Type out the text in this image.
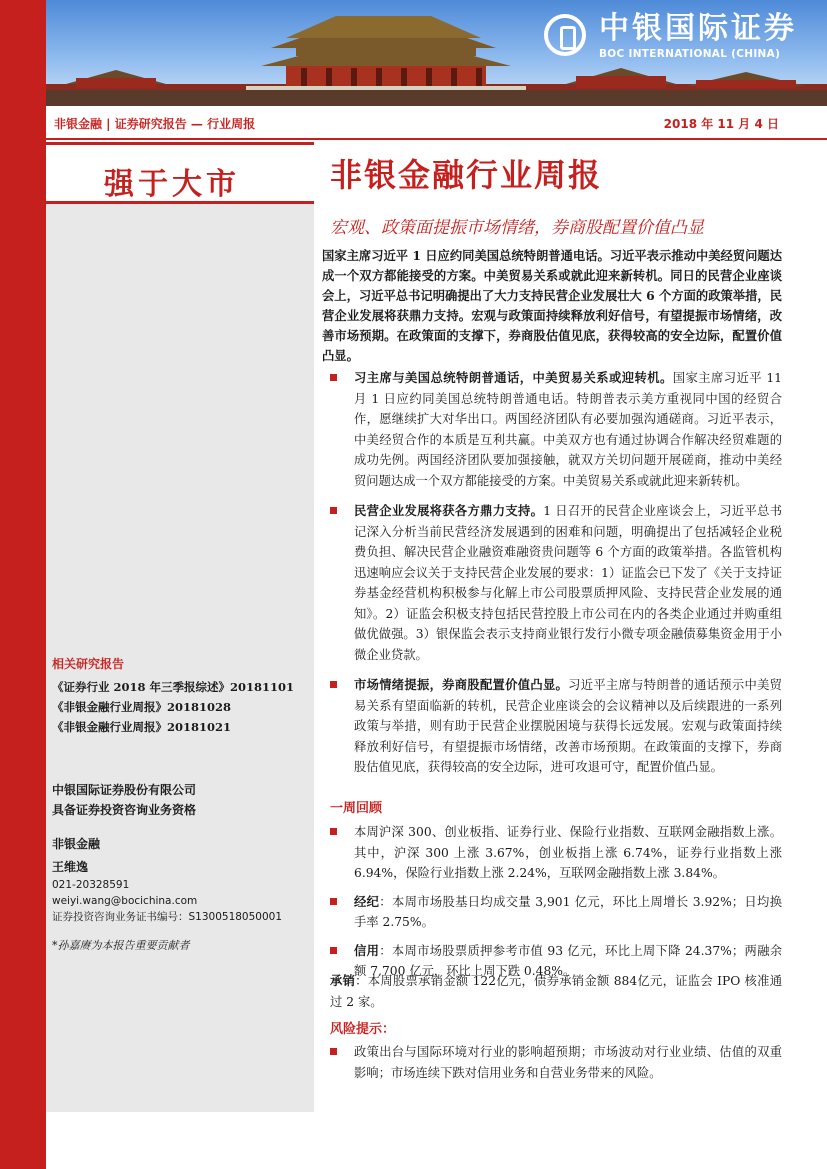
中银国际证券
BOC INTERNATIONAL (CHINA)
非银金融 | 证券研究报告 — 行业周报	2018 年 11 月 4 日
强于大市
相关研究报告
《证券行业 2018 年三季报综述》20181101
《非银金融行业周报》20181028
《非银金融行业周报》20181021
中银国际证券股份有限公司
具备证券投资咨询业务资格
非银金融
王维逸
021-20328591
weiyi.wang@bocichina.com
证券投资咨询业务证书编号：S1300518050001
*孙嘉赓为本报告重要贡献者
非银金融行业周报
宏观、政策面提振市场情绪，券商股配置价值凸显
国家主席习近平 1 日应约同美国总统特朗普通电话。习近平表示推动中美经贸问题达成一个双方都能接受的方案。中美贸易关系或就此迎来新转机。同日的民营企业座谈会上，习近平总书记明确提出了大力支持民营企业发展壮大 6 个方面的政策举措，民营企业发展将获鼎力支持。宏观与政策面持续释放利好信号，有望提振市场情绪，改善市场预期。在政策面的支撑下，券商股估值见底，获得较高的安全边际，配置价值凸显。
习主席与美国总统特朗普通话，中美贸易关系或迎转机。国家主席习近平 11 月 1 日应约同美国总统特朗普通电话。特朗普表示美方重视同中国的经贸合作，愿继续扩大对华出口。两国经济团队有必要加强沟通磋商。习近平表示，中美经贸合作的本质是互利共赢。中美双方也有通过协调合作解决经贸难题的成功先例。两国经济团队要加强接触，就双方关切问题开展磋商，推动中美经贸问题达成一个双方都能接受的方案。中美贸易关系或就此迎来新转机。
民营企业发展将获各方鼎力支持。1 日召开的民营企业座谈会上，习近平总书记深入分析当前民营经济发展遇到的困难和问题，明确提出了包括减轻企业税费负担、解决民营企业融资难融资贵问题等 6 个方面的政策举措。各监管机构迅速响应会议关于支持民营企业发展的要求：1）证监会已下发了《关于支持证券基金经营机构积极参与化解上市公司股票质押风险、支持民营企业发展的通知》。2）证监会积极支持包括民营控股上市公司在内的各类企业通过并购重组做优做强。3）银保监会表示支持商业银行发行小微专项金融债募集资金用于小微企业贷款。
市场情绪提振，券商股配置价值凸显。习近平主席与特朗普的通话预示中美贸易关系有望面临新的转机，民营企业座谈会的会议精神以及后续跟进的一系列政策与举措，则有助于民营企业摆脱困境与获得长远发展。宏观与政策面持续释放利好信号，有望提振市场情绪，改善市场预期。在政策面的支撑下，券商股估值见底，获得较高的安全边际，进可攻退可守，配置价值凸显。
一周回顾
本周沪深 300、创业板指、证券行业、保险行业指数、互联网金融指数上涨。其中，沪深 300 上涨 3.67%，创业板指上涨 6.74%，证券行业指数上涨 6.94%，保险行业指数上涨 2.24%，互联网金融指数上涨 3.84%。
经纪：本周市场股基日均成交量 3,901 亿元，环比上周增长 3.92%；日均换手率 2.75%。
信用：本周市场股票质押参考市值 93 亿元，环比上周下降 24.37%；两融余额 7,700 亿元，环比上周下跌 0.48%。
承销：本周股票承销金额 122亿元，债券承销金额 884亿元，证监会 IPO 核准通过 2 家。
风险提示：
政策出台与国际环境对行业的影响超预期；市场波动对行业业绩、估值的双重影响；市场连续下跌对信用业务和自营业务带来的风险。
